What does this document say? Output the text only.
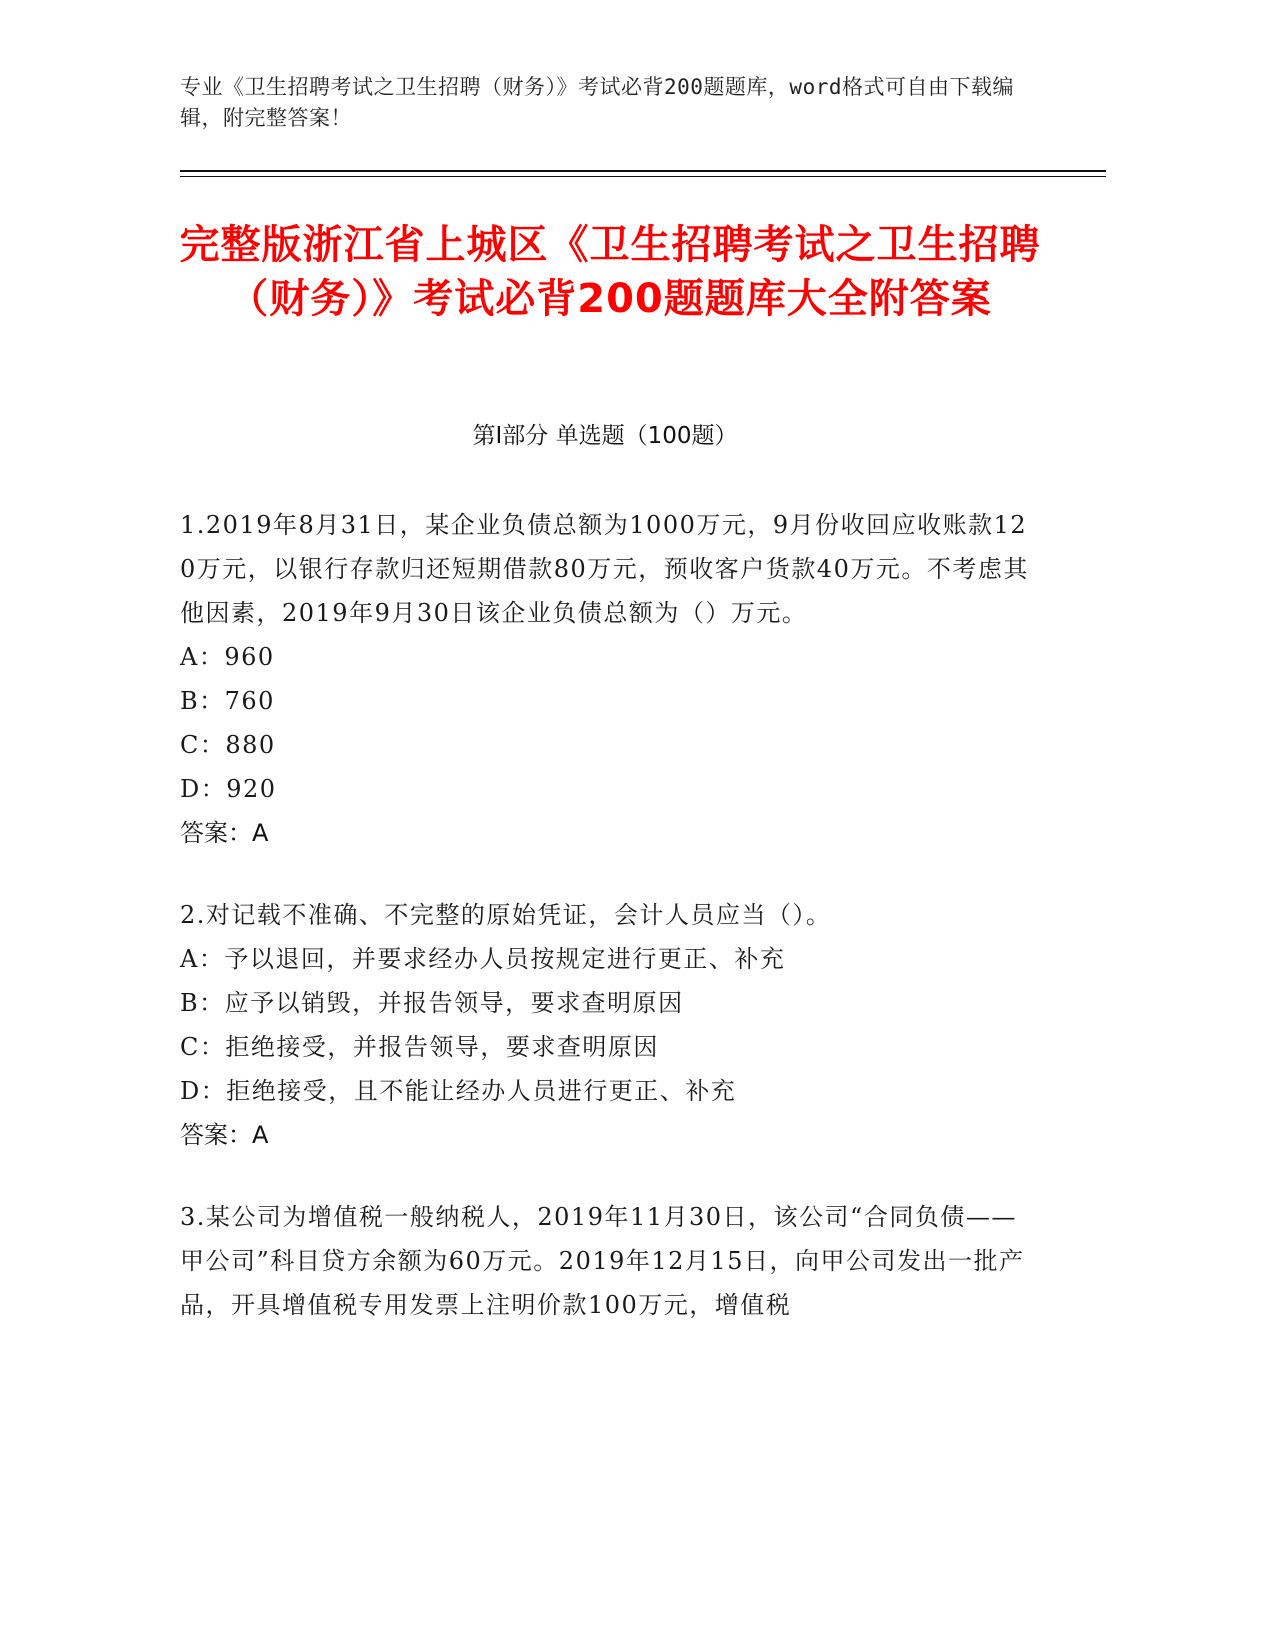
专业《卫生招聘考试之卫生招聘（财务）》考试必背200题题库，word格式可自由下载编辑，附完整答案！
完整版浙江省上城区《卫生招聘考试之卫生招聘（财务）》考试必背200题题库大全附答案
第Ⅰ部分 单选题（100题）
1.2019年8月31日，某企业负债总额为1000万元，9月份收回应收账款120万元，以银行存款归还短期借款80万元，预收客户货款40万元。不考虑其他因素，2019年9月30日该企业负债总额为（）万元。
A：960
B：760
C：880
D：920
答案：A
2.对记载不准确、不完整的原始凭证，会计人员应当（）。
A：予以退回，并要求经办人员按规定进行更正、补充
B：应予以销毁，并报告领导，要求查明原因
C：拒绝接受，并报告领导，要求查明原因
D：拒绝接受，且不能让经办人员进行更正、补充
答案：A
3.某公司为增值税一般纳税人，2019年11月30日，该公司“合同负债——甲公司”科目贷方余额为60万元。2019年12月15日，向甲公司发出一批产品，开具增值税专用发票上注明价款100万元，增值税
